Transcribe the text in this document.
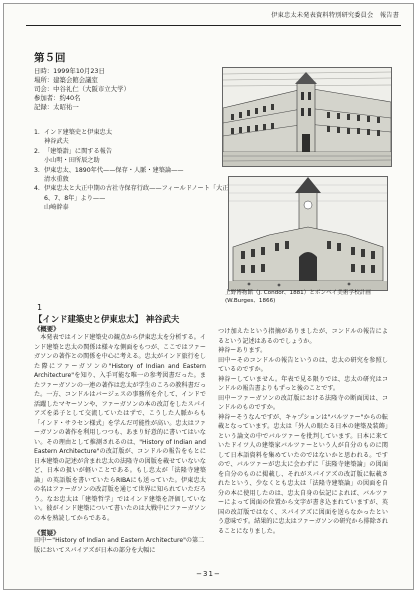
伊東忠太未発表資料特別研究委員会　報告書
第５回
日時：1999年10月23日
場所：建築会館会議室
司会：中谷礼仁（大阪市立大学）
参加者：約40名
記録：太昭祐一
1. インド建築史と伊東忠太
神谷武夫
2. 「建築詣」に関する報告
小山明・田所辰之助
3. 伊東忠太、1890年代——保存・人脈・建築論——
清水重敦
4. 伊東忠太と大正中期の古社寺保存行政——フィールドノート「大正6、7、8年」より——
山崎幹泰
上野博物館（J. Condor、1881）とボンベイ美術学校計画 (W.Burges、1866)
1
【インド建築史と伊東忠太】 神谷武夫
《概要》

本発表ではインド建築史の観点から伊東忠太を分析する。インド建築と忠太の関係は様々な側面をもつが、ここではファーガソンの著作との関係を中心に考える。忠太がインド旅行をした際にファーガソンの"History of Indian and Eastern Architecture"を知り、入手可能な唯一の参考図書だった。またファーガソンの一連の著作は忠太が学生のころの教科書だった。一方、コンドルはバージェスの事務所を介して、インドで活躍したマヤーソンや、ファーガソンの本の改訂をしたスパイアズを弟子として交流していたはずで、こうした人脈からも「インド・サラセン様式」を学んだ可能性が高い。忠太はファーガソンの著作を利用しつつも、あまり好意的に書いてはいない。その理由として推測されるのは、"History of Indian and Eastern Architecture"の改訂版が、コンドルの報告をもとに日本建築の記述が含まれ忠太の法隆寺の図版を載せていないなど、日本の扱いが軽いことである。もし忠太が「法隆寺建築論」の英語版を書いていたらRIBAにも送っていた。伊東忠太の名はファーガソンの改訂版を通じて世界に知られていただろう。なお忠太は「建築哲学」ではインド建築を評価していない。彼がインド建築について書いたのは大戦中にファーガソンの本を熟読してからである。

《質疑》

田中ー"History of Indian and Eastern Architecture"の第二版においてスパイアズが日本の部分を大幅に

つけ加えたという指摘がありましたが、コンドルの報告によるという記述はあるのでしょうか。

神谷ーあります。

田中ーそのコンドルの報告というのは、忠太の研究を参照しているのですか。

神谷ーしていません。年表で見る限りでは、忠太の研究はコンドルの報告書よりもずっと後のことです。

田中ーファーガソンの改訂版における法隆寺の断面図は、コンドルのものですか。

神谷ーそうなんですが、キャプションは"バルツァー"からの転載となっています。忠太は「外人の眼たる日本の建築及装飾」という論文の中でバルツァーを批判しています。日本に来ていたドイツ人の建築家バルツァーという人が自分のものに関して日本語資料を集めていたのではないかと思われる。ですので、バルツァーが忠太に会わずに「法隆寺建築論」の図面を自分のものに掲載し、それがスパイアズの改訂版に転載されたという、少なくとも忠太は「法隆寺建築論」の図面を自分の本に使用したのは、忠太自身の伝記によれば、バルツァーによって図面の位置から文字が書き込まれていますが、英国の改訂版ではなく、スパイアズに図面を送らなかったという意味です。結果的に忠太はファーガソンの研究から排除されることになりました。

−31−
